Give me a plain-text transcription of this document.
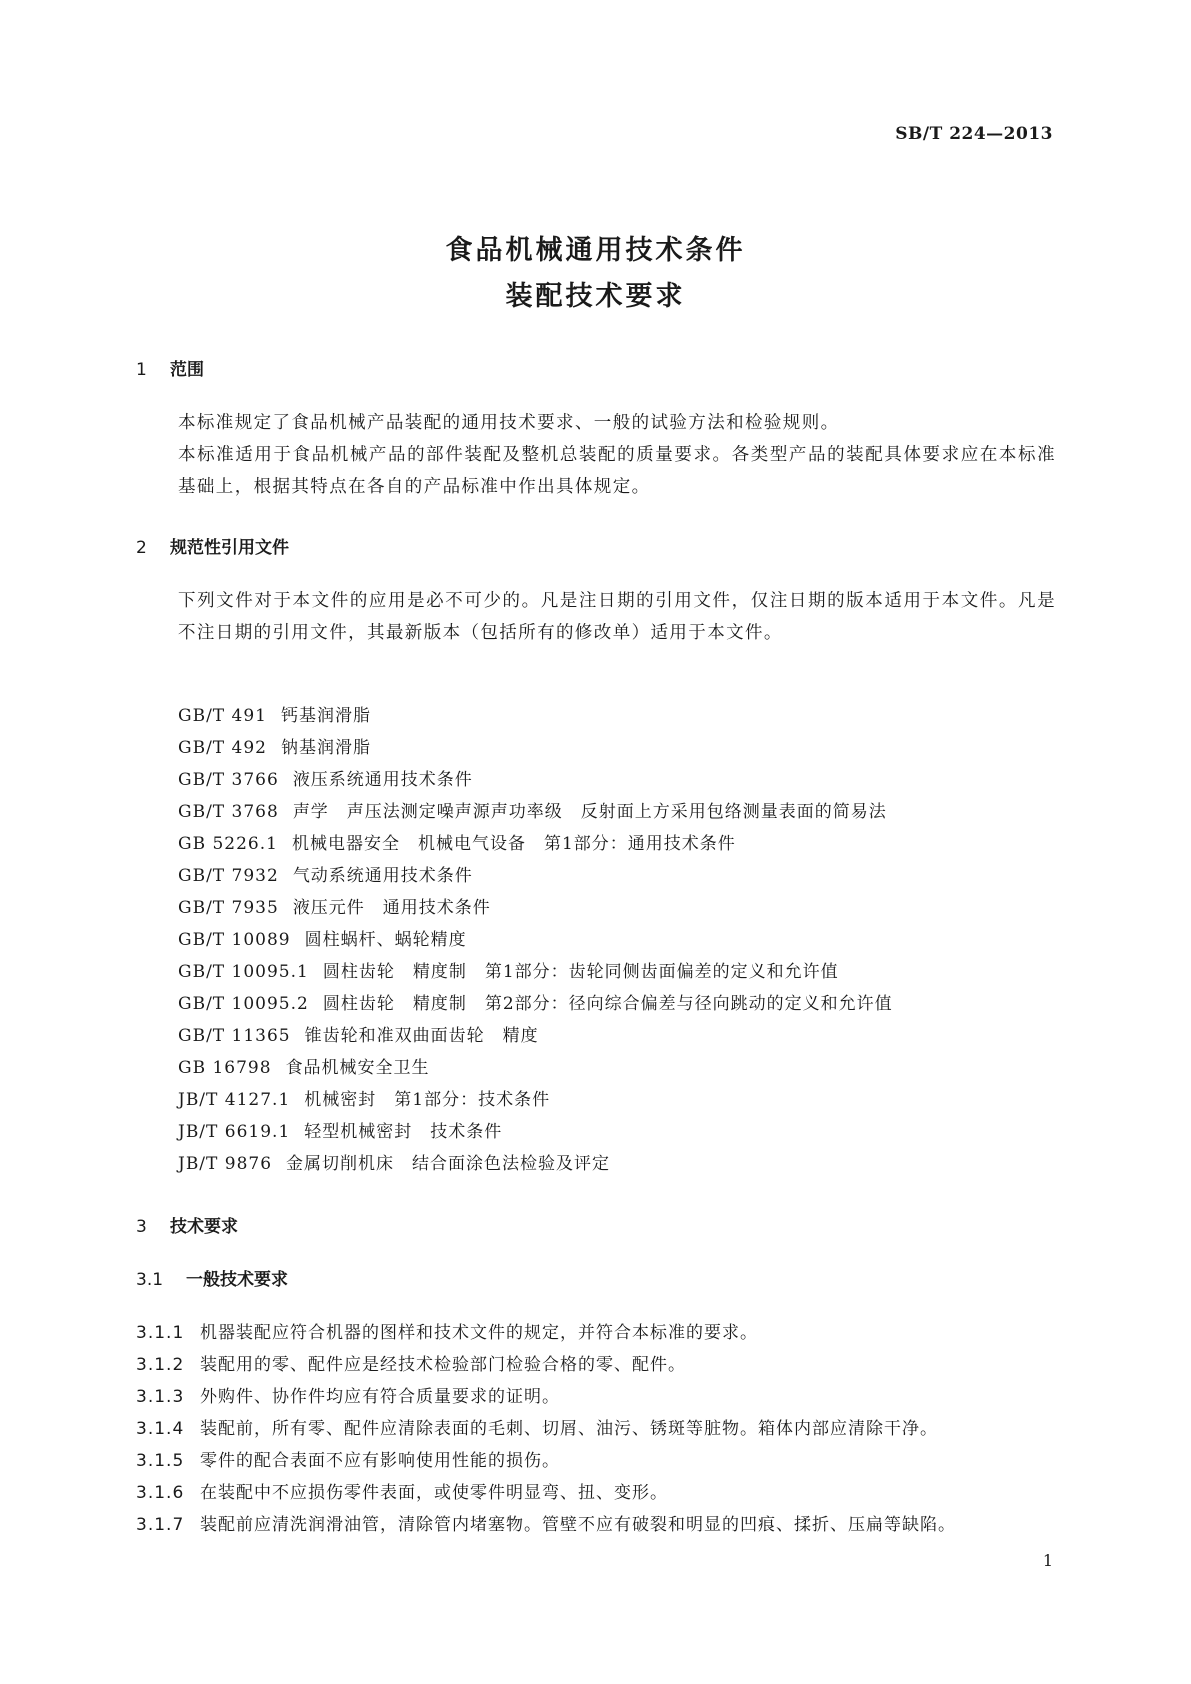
SB/T 224—2013
食品机械通用技术条件
装配技术要求
1 范围
本标准规定了食品机械产品装配的通用技术要求、一般的试验方法和检验规则。
本标准适用于食品机械产品的部件装配及整机总装配的质量要求。各类型产品的装配具体要求应在本标准基础上，根据其特点在各自的产品标准中作出具体规定。
2 规范性引用文件
下列文件对于本文件的应用是必不可少的。凡是注日期的引用文件，仅注日期的版本适用于本文件。凡是不注日期的引用文件，其最新版本（包括所有的修改单）适用于本文件。
GB/T 491 钙基润滑脂
GB/T 492 钠基润滑脂
GB/T 3766 液压系统通用技术条件
GB/T 3768 声学　声压法测定噪声源声功率级　反射面上方采用包络测量表面的简易法
GB 5226.1 机械电器安全　机械电气设备　第1部分：通用技术条件
GB/T 7932 气动系统通用技术条件
GB/T 7935 液压元件　通用技术条件
GB/T 10089 圆柱蜗杆、蜗轮精度
GB/T 10095.1 圆柱齿轮　精度制　第1部分：齿轮同侧齿面偏差的定义和允许值
GB/T 10095.2 圆柱齿轮　精度制　第2部分：径向综合偏差与径向跳动的定义和允许值
GB/T 11365 锥齿轮和准双曲面齿轮　精度
GB 16798 食品机械安全卫生
JB/T 4127.1 机械密封　第1部分：技术条件
JB/T 6619.1 轻型机械密封　技术条件
JB/T 9876 金属切削机床　结合面涂色法检验及评定
3 技术要求
3.1 一般技术要求
3.1.1 机器装配应符合机器的图样和技术文件的规定，并符合本标准的要求。
3.1.2 装配用的零、配件应是经技术检验部门检验合格的零、配件。
3.1.3 外购件、协作件均应有符合质量要求的证明。
3.1.4 装配前，所有零、配件应清除表面的毛刺、切屑、油污、锈斑等脏物。箱体内部应清除干净。
3.1.5 零件的配合表面不应有影响使用性能的损伤。
3.1.6 在装配中不应损伤零件表面，或使零件明显弯、扭、变形。
3.1.7 装配前应清洗润滑油管，清除管内堵塞物。管壁不应有破裂和明显的凹痕、揉折、压扁等缺陷。
1
